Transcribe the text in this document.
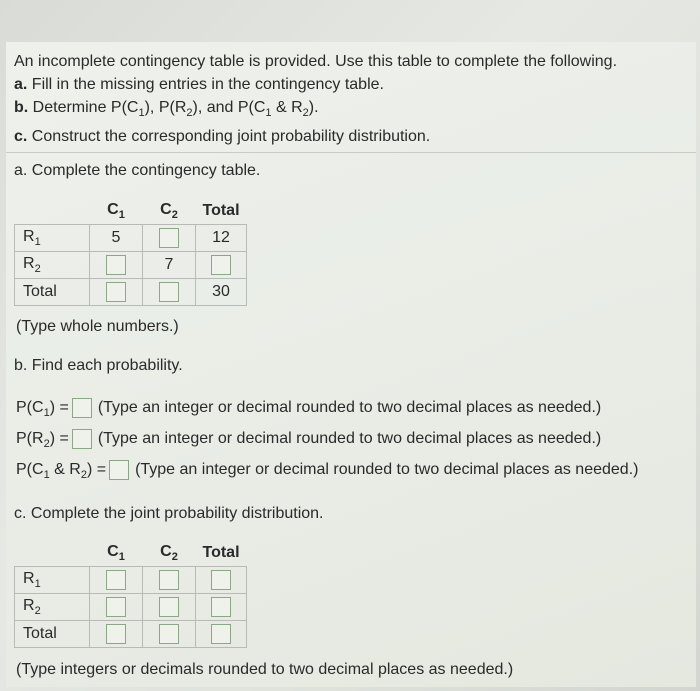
An incomplete contingency table is provided. Use this table to complete the following.
a. Fill in the missing entries in the contingency table.
b. Determine $P(C_1)$, $P(R_2)$, and $P(C_1$ & $R_2$).
c. Construct the corresponding joint probability distribution.
a. Complete the contingency table.
	$C_1$	$C_2$	Total
$R_1$	5		12
$R_2$		7	
Total			30
(Type whole numbers.)
b. Find each probability.
$P(C_1)$ = (Type an integer or decimal rounded to two decimal places as needed.)
$P(R_2)$ = (Type an integer or decimal rounded to two decimal places as needed.)
$P(C_1$ & $R_2$) = (Type an integer or decimal rounded to two decimal places as needed.)
c. Complete the joint probability distribution.
	$C_1$	$C_2$	Total
$R_1$			
$R_2$			
Total			
(Type integers or decimals rounded to two decimal places as needed.)
